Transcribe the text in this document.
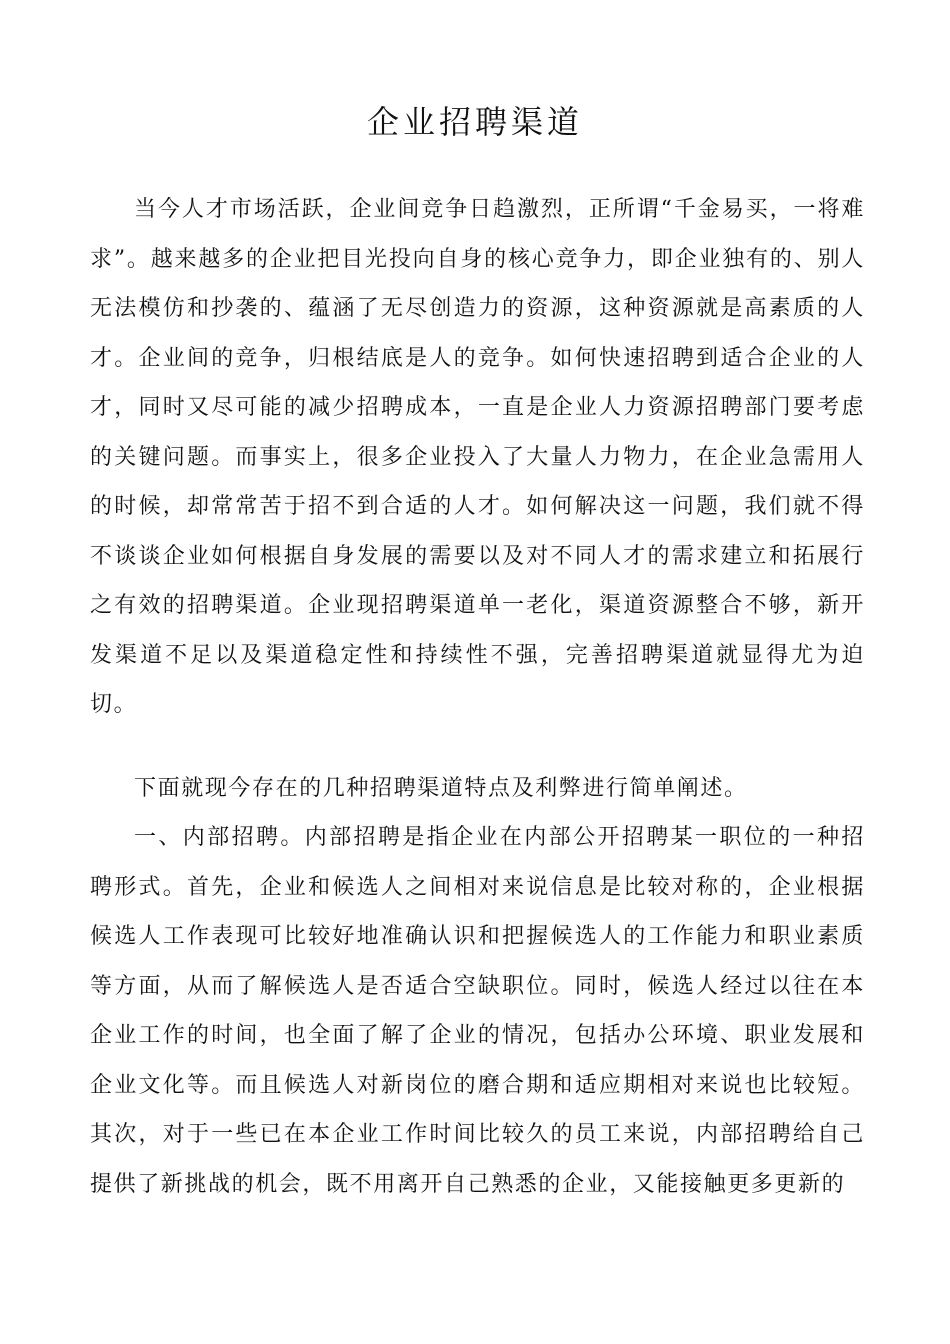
企业招聘渠道

当今人才市场活跃，企业间竞争日趋激烈，正所谓“千金易买，一将难求”。越来越多的企业把目光投向自身的核心竞争力，即企业独有的、别人无法模仿和抄袭的、蕴涵了无尽创造力的资源，这种资源就是高素质的人才。企业间的竞争，归根结底是人的竞争。如何快速招聘到适合企业的人才，同时又尽可能的减少招聘成本，一直是企业人力资源招聘部门要考虑的关键问题。而事实上，很多企业投入了大量人力物力，在企业急需用人的时候，却常常苦于招不到合适的人才。如何解决这一问题，我们就不得不谈谈企业如何根据自身发展的需要以及对不同人才的需求建立和拓展行之有效的招聘渠道。企业现招聘渠道单一老化，渠道资源整合不够，新开发渠道不足以及渠道稳定性和持续性不强，完善招聘渠道就显得尤为迫切。

下面就现今存在的几种招聘渠道特点及利弊进行简单阐述。

一、内部招聘。内部招聘是指企业在内部公开招聘某一职位的一种招聘形式。首先，企业和候选人之间相对来说信息是比较对称的，企业根据候选人工作表现可比较好地准确认识和把握候选人的工作能力和职业素质等方面，从而了解候选人是否适合空缺职位。同时，候选人经过以往在本企业工作的时间，也全面了解了企业的情况，包括办公环境、职业发展和企业文化等。而且候选人对新岗位的磨合期和适应期相对来说也比较短。其次，对于一些已在本企业工作时间比较久的员工来说，内部招聘给自己提供了新挑战的机会，既不用离开自己熟悉的企业，又能接触更多更新的
